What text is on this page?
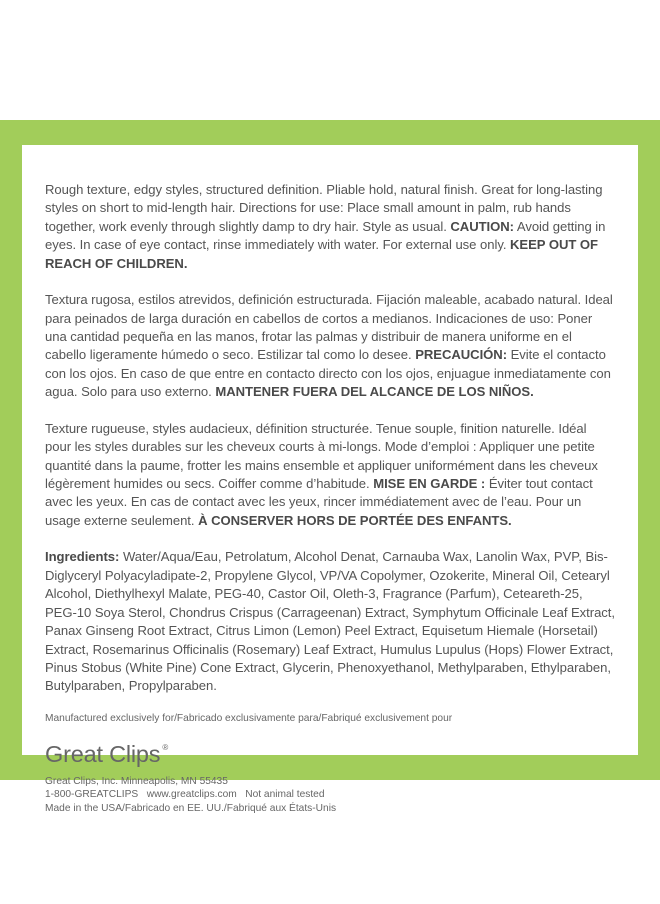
Rough texture, edgy styles, structured definition. Pliable hold, natural finish. Great for long-lasting styles on short to mid-length hair. Directions for use: Place small amount in palm, rub hands together, work evenly through slightly damp to dry hair. Style as usual. CAUTION: Avoid getting in eyes. In case of eye contact, rinse immediately with water. For external use only. KEEP OUT OF REACH OF CHILDREN.

Textura rugosa, estilos atrevidos, definición estructurada. Fijación maleable, acabado natural. Ideal para peinados de larga duración en cabellos de cortos a medianos. Indicaciones de uso: Poner una cantidad pequeña en las manos, frotar las palmas y distribuir de manera uniforme en el cabello ligeramente húmedo o seco. Estilizar tal como lo desee. PRECAUCIÓN: Evite el contacto con los ojos. En caso de que entre en contacto directo con los ojos, enjuague inmediatamente con agua. Solo para uso externo. MANTENER FUERA DEL ALCANCE DE LOS NIÑOS.

Texture rugueuse, styles audacieux, définition structurée. Tenue souple, finition naturelle. Idéal pour les styles durables sur les cheveux courts à mi-longs. Mode d’emploi : Appliquer une petite quantité dans la paume, frotter les mains ensemble et appliquer uniformément dans les cheveux légèrement humides ou secs. Coiffer comme d’habitude. MISE EN GARDE : Éviter tout contact avec les yeux. En cas de contact avec les yeux, rincer immédiatement avec de l’eau. Pour un usage externe seulement. À CONSERVER HORS DE PORTÉE DES ENFANTS.

Ingredients: Water/Aqua/Eau, Petrolatum, Alcohol Denat, Carnauba Wax, Lanolin Wax, PVP, Bis-Diglyceryl Polyacyladipate-2, Propylene Glycol, VP/VA Copolymer, Ozokerite, Mineral Oil, Cetearyl Alcohol, Diethylhexyl Malate, PEG-40, Castor Oil, Oleth-3, Fragrance (Parfum), Ceteareth-25, PEG-10 Soya Sterol, Chondrus Crispus (Carrageenan) Extract, Symphytum Officinale Leaf Extract, Panax Ginseng Root Extract, Citrus Limon (Lemon) Peel Extract, Equisetum Hiemale (Horsetail) Extract, Rosemarinus Officinalis (Rosemary) Leaf Extract, Humulus Lupulus (Hops) Flower Extract, Pinus Stobus (White Pine) Cone Extract, Glycerin, Phenoxyethanol, Methylparaben, Ethylparaben, Butylparaben, Propylparaben.

Manufactured exclusively for/Fabricado exclusivamente para/Fabriqué exclusivement pour

Great Clips ®

Great Clips, Inc. Minneapolis, MN 55435

1-800-GREATCLIPS   www.greatclips.com   Not animal tested

Made in the USA/Fabricado en EE. UU./Fabriqué aux États-Unis
